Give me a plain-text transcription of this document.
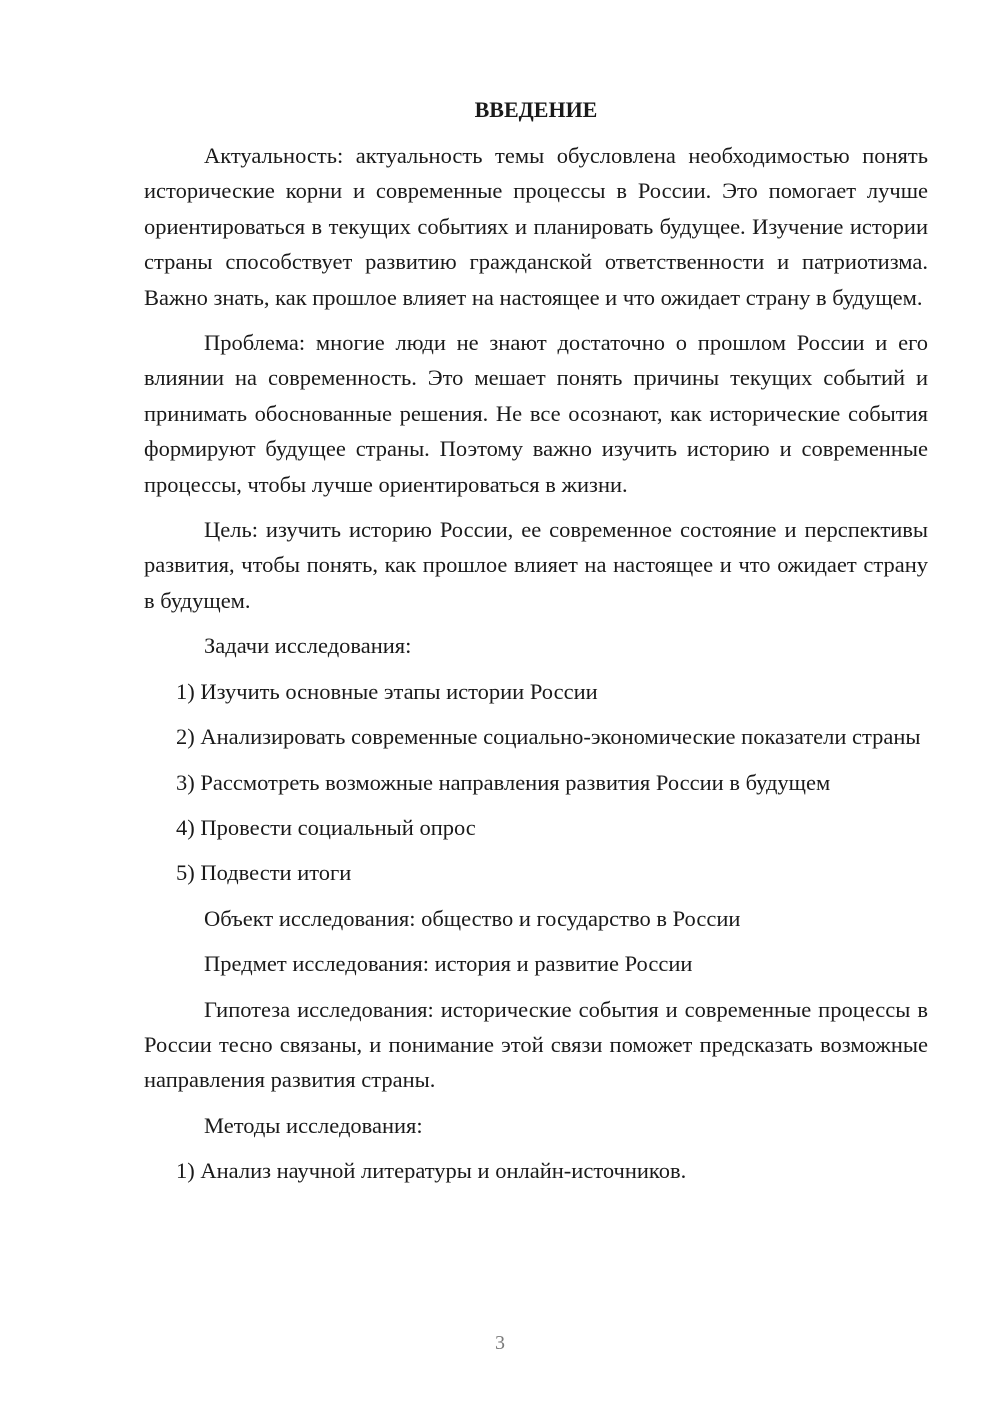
ВВЕДЕНИЕ

Актуальность: актуальность темы обусловлена необходимостью понять исторические корни и современные процессы в России. Это помогает лучше ориентироваться в текущих событиях и планировать будущее. Изучение истории страны способствует развитию гражданской ответственности и патриотизма. Важно знать, как прошлое влияет на настоящее и что ожидает страну в будущем.

Проблема: многие люди не знают достаточно о прошлом России и его влиянии на современность. Это мешает понять причины текущих событий и принимать обоснованные решения. Не все осознают, как исторические события формируют будущее страны. Поэтому важно изучить историю и современные процессы, чтобы лучше ориентироваться в жизни.

Цель: изучить историю России, ее современное состояние и перспективы развития, чтобы понять, как прошлое влияет на настоящее и что ожидает страну в будущем.

Задачи исследования:

1) Изучить основные этапы истории России

2) Анализировать современные социально-экономические показатели страны

3) Рассмотреть возможные направления развития России в будущем

4) Провести социальный опрос

5) Подвести итоги

Объект исследования: общество и государство в России

Предмет исследования: история и развитие России

Гипотеза исследования: исторические события и современные процессы в России тесно связаны, и понимание этой связи поможет предсказать возможные направления развития страны.

Методы исследования:

1) Анализ научной литературы и онлайн-источников.

3
